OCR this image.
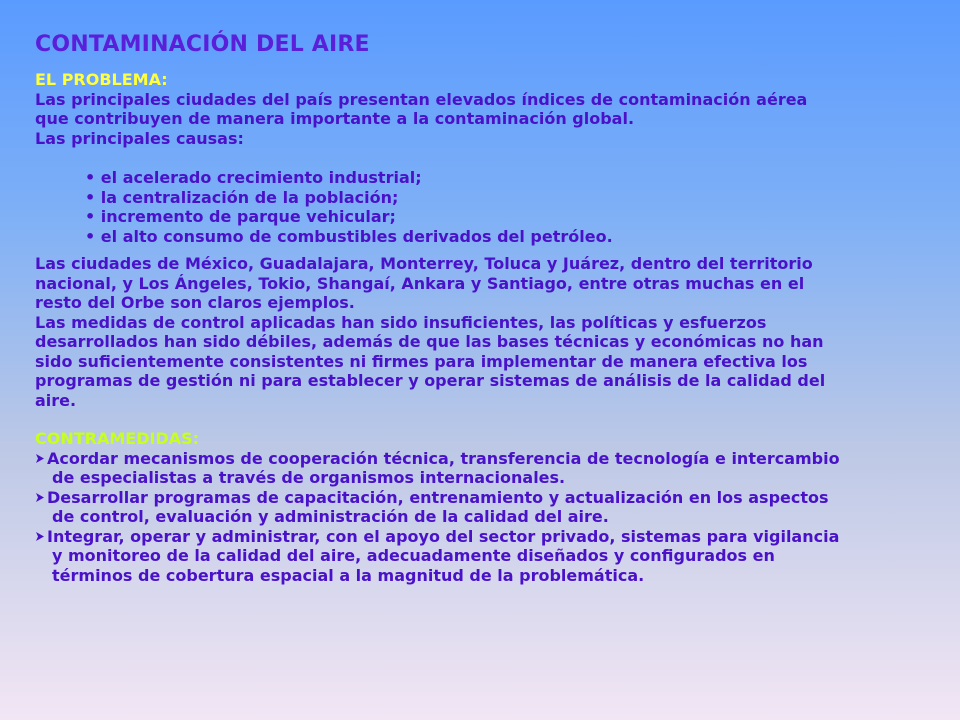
CONTAMINACIÓN DEL AIRE
EL PROBLEMA:
Las principales ciudades del país presentan elevados índices de contaminación aérea
que contribuyen de manera importante a la contaminación global.
Las principales causas:
• el acelerado crecimiento industrial;
• la centralización de la población;
• incremento de parque vehicular;
• el alto consumo de combustibles derivados del petróleo.
Las ciudades de México, Guadalajara, Monterrey, Toluca y Juárez, dentro del territorio
nacional, y Los Ángeles, Tokio, Shangaí, Ankara y Santiago, entre otras muchas en el
resto del Orbe son claros ejemplos.
Las medidas de control aplicadas han sido insuficientes, las políticas y esfuerzos
desarrollados han sido débiles, además de que las bases técnicas y económicas no han
sido suficientemente consistentes ni firmes para implementar de manera efectiva los
programas de gestión ni para establecer y operar sistemas de análisis de la calidad del
aire.
CONTRAMEDIDAS:
Acordar mecanismos de cooperación técnica, transferencia de tecnología e intercambio
de especialistas a través de organismos internacionales.
Desarrollar programas de capacitación, entrenamiento y actualización en los aspectos
de control, evaluación y administración de la calidad del aire.
Integrar, operar y administrar, con el apoyo del sector privado, sistemas para vigilancia
y monitoreo de la calidad del aire, adecuadamente diseñados y configurados en
términos de cobertura espacial a la magnitud de la problemática.
